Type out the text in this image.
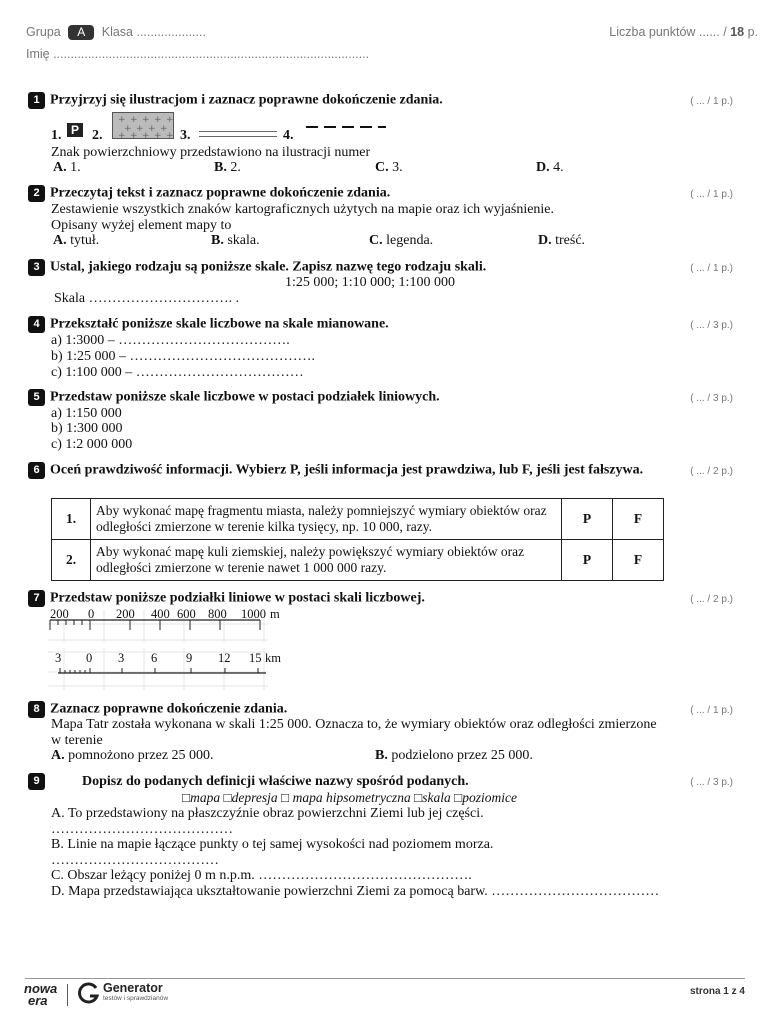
Grupa A Klasa ....................	Liczba punktów ...... / 18 p.
Imię ...........................................................................................
1 Przyjrzyj się ilustracjom i zaznacz poprawne dokończenie zdania.	( ... / 1 p.)
1. P 2.
+ + + + +
+ + + +
+ + + + + 3.	4.
Znak powierzchniowy przedstawiono na ilustracji numer
A. 1.	B. 2.	C. 3.	D. 4.
2 Przeczytaj tekst i zaznacz poprawne dokończenie zdania.	( ... / 1 p.)
Zestawienie wszystkich znaków kartograficznych użytych na mapie oraz ich wyjaśnienie.
Opisany wyżej element mapy to
A. tytuł.	B. skala.	C. legenda.	D. treść.
3 Ustal, jakiego rodzaju są poniższe skale. Zapisz nazwę tego rodzaju skali.	( ... / 1 p.)
1:25 000; 1:10 000; 1:100 000
Skala …………………………. .
4 Przekształć poniższe skale liczbowe na skale mianowane.	( ... / 3 p.)
a) 1:3000 – ……………………………….
b) 1:25 000 – ………………………………….
c) 1:100 000 – ………………………………
5 Przedstaw poniższe skale liczbowe w postaci podziałek liniowych.	( ... / 3 p.)
a) 1:150 000
b) 1:300 000
c) 1:2 000 000
6 Oceń prawdziwość informacji. Wybierz P, jeśli informacja jest prawdziwa, lub F, jeśli jest fałszywa.	( ... / 2 p.)
1.	Aby wykonać mapę fragmentu miasta, należy pomniejszyć wymiary obiektów oraz odległości zmierzone w terenie kilka tysięcy, np. 10 000, razy.	P	F
2.	Aby wykonać mapę kuli ziemskiej, należy powiększyć wymiary obiektów oraz odległości zmierzone w terenie nawet 1 000 000 razy.	P	F
7 Przedstaw poniższe podziałki liniowe w postaci skali liczbowej.	( ... / 2 p.)
200 0 200 400 600 800 1000 m
3 0 3 6 9 12 15 km
8 Zaznacz poprawne dokończenie zdania.	( ... / 1 p.)
Mapa Tatr została wykonana w skali 1:25 000. Oznacza to, że wymiary obiektów oraz odległości zmierzone
w terenie
A. pomnożono przez 25 000.	B. podzielono przez 25 000.
9	Dopisz do podanych definicji właściwe nazwy spośród podanych.	( ... / 3 p.)
□mapa □depresja □ mapa hipsometryczna □skala □poziomice
A. To przedstawiony na płaszczyźnie obraz powierzchni Ziemi lub jej części.
…………………………………
B. Linie na mapie łączące punkty o tej samej wysokości nad poziomem morza.
………………………………
C. Obszar leżący poniżej 0 m n.p.m. ……………………………………….
D. Mapa przedstawiająca ukształtowanie powierzchni Ziemi za pomocą barw. ………………………………
nowa
era
Generator
testów i sprawdzianów
strona 1 z 4
